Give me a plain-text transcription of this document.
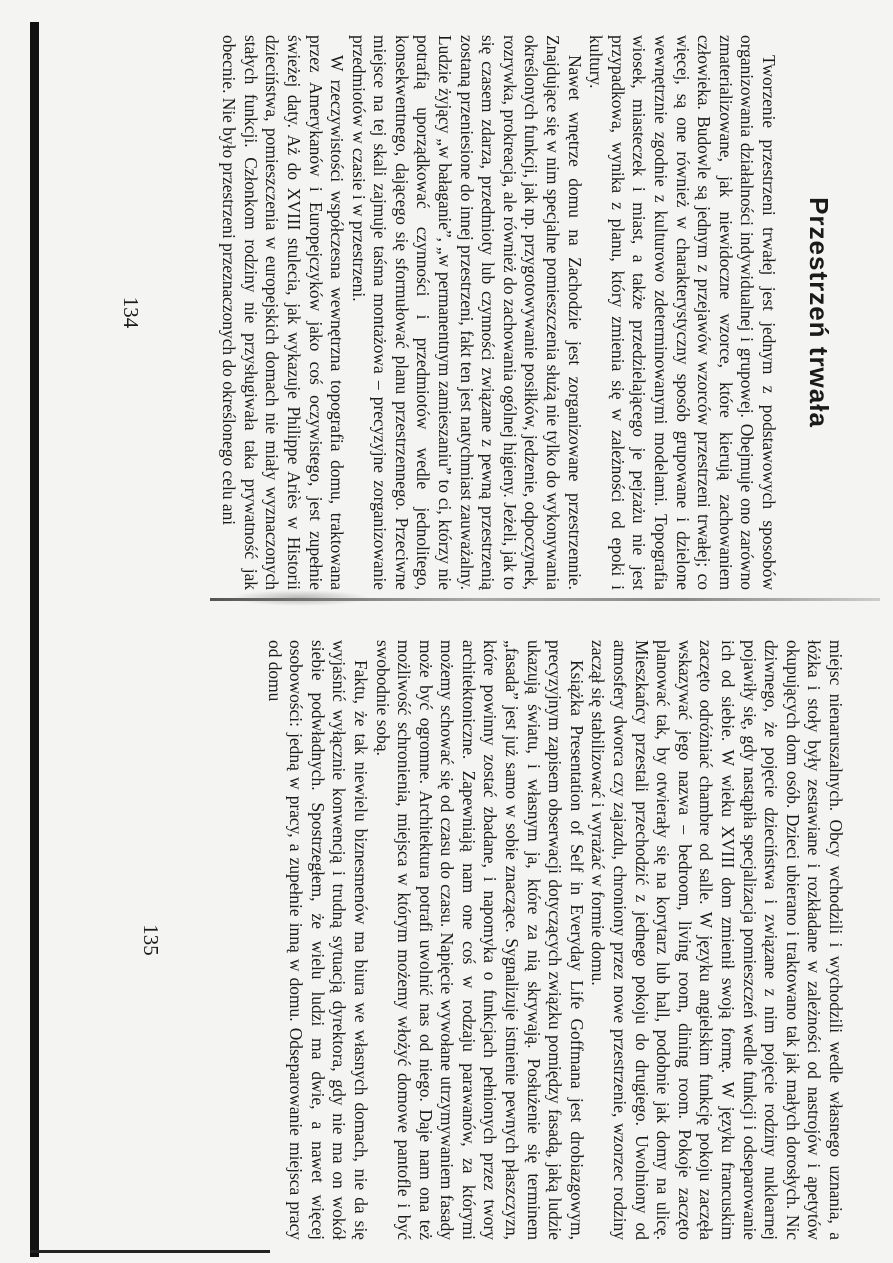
Przestrzeń trwała

Tworzenie przestrzeni trwałej jest jednym z podstawowych sposobów organizowania działalności indywidualnej i grupowej. Obejmuje ono zarówno zmaterializowane, jak niewidoczne wzorce, które kierują zachowaniem człowieka. Budowle są jednym z przejawów wzorców przestrzeni trwałej; co więcej, są one również w charakterystyczny sposób grupowane i dzielone wewnętrznie zgodnie z kulturowo zdeterminowanymi modelami. Topografia wiosek, miasteczek i miast, a także przedzielającego je pejzażu nie jest przypadkowa, wynika z planu, który zmienia się w zależności od epoki i kultury.

Nawet wnętrze domu na Zachodzie jest zorganizowane przestrzennie. Znajdujące się w nim specjalne pomieszczenia służą nie tylko do wykonywania określonych funkcji, jak np. przygotowywanie posiłków, jedzenie, odpoczynek, rozrywka, prokreacja, ale również do zachowania ogólnej higieny. Jeżeli, jak to się czasem zdarza, przedmioty lub czynności związane z pewną przestrzenią zostaną przeniesione do innej przestrzeni, fakt ten jest natychmiast zauważalny. Ludzie żyjący „w bałaganie”, „w permanentnym zamieszaniu” to ci, którzy nie potrafią uporządkować czynności i przedmiotów wedle jednolitego, konsekwentnego, dającego się sformułować planu przestrzennego. Przeciwne miejsce na tej skali zajmuje taśma montażowa – precyzyjne zorganizowanie przedmiotów w czasie i w przestrzeni.

W rzeczywistości współczesna wewnętrzna topografia domu, traktowana przez Amerykanów i Europejczyków jako coś oczywistego, jest zupełnie świeżej daty. Aż do XVIII stulecia, jak wykazuje Philippe Ariès w Historii dzieciństwa, pomieszczenia w europejskich domach nie miały wyznaczonych stałych funkcji. Członkom rodziny nie przysługiwała taka prywatność jak obecnie. Nie było przestrzeni przeznaczonych do określonego celu ani

134

miejsc nienaruszalnych. Obcy wchodzili i wychodzili wedle własnego uznania, a łóżka i stoły były zestawiane i rozkładane w zależności od nastrojów i apetytów okupujących dom osób. Dzieci ubierano i traktowano tak jak małych dorosłych. Nic dziwnego, że pojęcie dzieciństwa i związane z nim pojęcie rodziny nuklearnej pojawiły się, gdy nastąpiła specjalizacja pomieszczeń wedle funkcji i odseparowanie ich od siebie. W wieku XVIII dom zmienił swoją formę. W języku francuskim zaczęto odróżniać chambre od salle. W języku angielskim funkcję pokoju zaczęła wskazywać jego nazwa – bedroom, living room, dining room. Pokoje zaczęto planować tak, by otwierały się na korytarz lub hall, podobnie jak domy na ulicę. Mieszkańcy przestali przechodzić z jednego pokoju do drugiego. Uwolniony od atmosfery dworca czy zajazdu, chroniony przez nowe przestrzenie, wzorzec rodziny zaczął się stabilizować i wyrażać w formie domu.

Książka Presentation of Self in Everyday Life Goffmana jest drobiazgowym, precyzyjnym zapisem obserwacji dotyczących związku pomiędzy fasadą, jaką ludzie ukazują światu, i własnym ja, które za nią skrywają. Posłużenie się terminem „fasada” jest już samo w sobie znaczące. Sygnalizuje istnienie pewnych płaszczyzn, które powinny zostać zbadane, i napomyka o funkcjach pełnionych przez twory architektoniczne. Zapewniają nam one coś w rodzaju parawanów, za którymi możemy schować się od czasu do czasu. Napięcie wywołane utrzymywaniem fasady może być ogromne. Architektura potrafi uwolnić nas od niego. Daje nam ona też możliwość schronienia, miejsca w którym możemy włożyć domowe pantofle i być swobodnie sobą.

Faktu, że tak niewielu biznesmenów ma biura we własnych domach, nie da się wyjaśnić wyłącznie konwencją i trudną sytuacją dyrektora, gdy nie ma on wokół siebie podwładnych. Spostrzegłem, że wielu ludzi ma dwie, a nawet więcej osobowości: jedną w pracy, a zupełnie inną w domu. Odseparowanie miejsca pracy od domu

135
